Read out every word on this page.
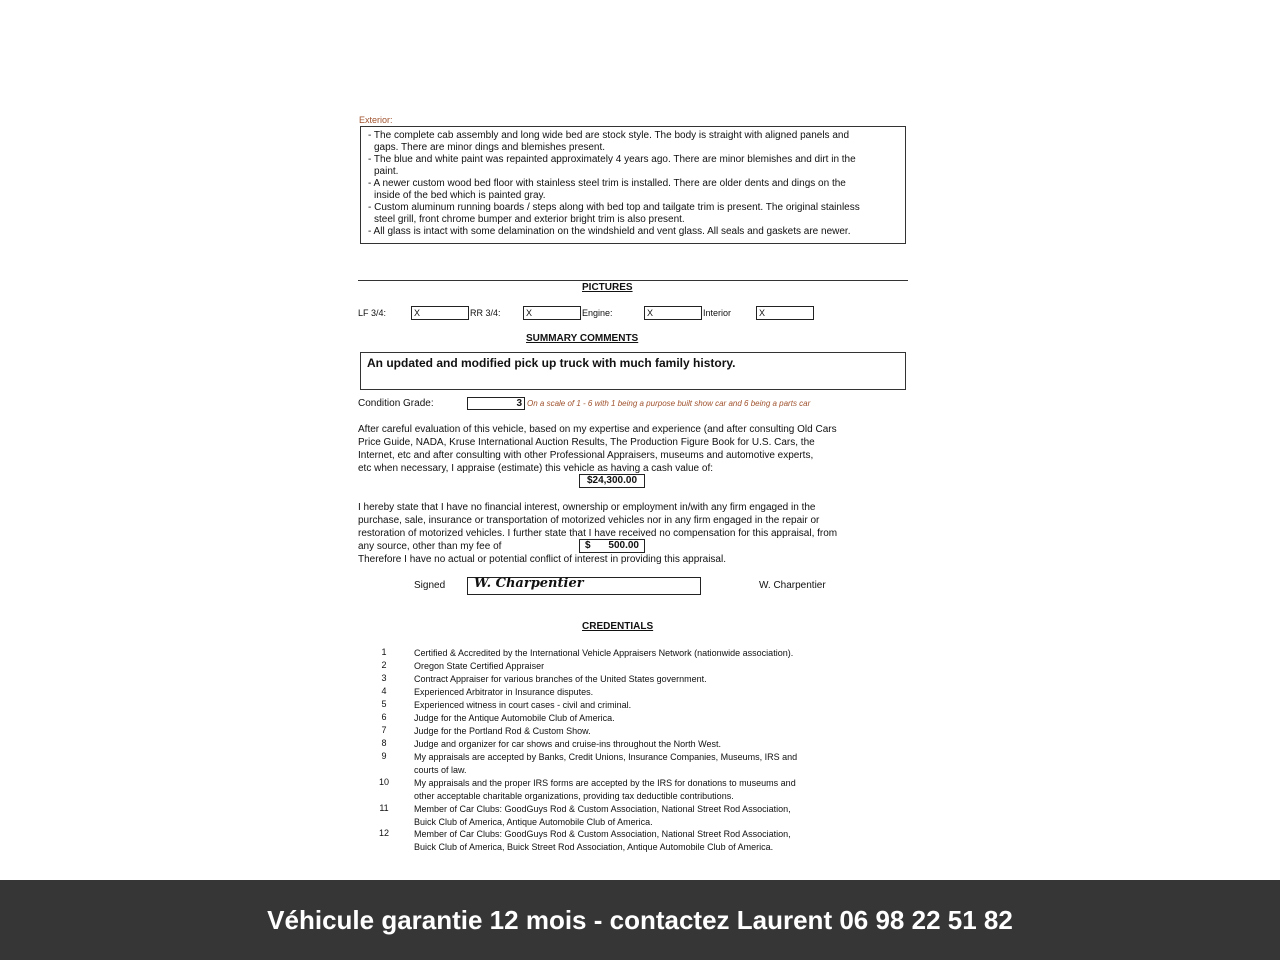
Exterior:
- The complete cab assembly and long wide bed are stock style. The body is straight with aligned panels and
gaps. There are minor dings and blemishes present.
- The blue and white paint was repainted approximately 4 years ago. There are minor blemishes and dirt in the
paint.
- A newer custom wood bed floor with stainless steel trim is installed. There are older dents and dings on the
inside of the bed which is painted gray.
- Custom aluminum running boards / steps along with bed top and tailgate trim is present. The original stainless
steel grill, front chrome bumper and exterior bright trim is also present.
- All glass is intact with some delamination on the windshield and vent glass. All seals and gaskets are newer.
PICTURES
LF 3/4:	X	RR 3/4:	X	Engine:	X	Interior	X
SUMMARY COMMENTS
An updated and modified pick up truck with much family history.
Condition Grade:	3 On a scale of 1 - 6 with 1 being a purpose built show car and 6 being a parts car
After careful evaluation of this vehicle, based on my expertise and experience (and after consulting Old Cars
Price Guide, NADA, Kruse International Auction Results, The Production Figure Book for U.S. Cars, the
Internet, etc and after consulting with other Professional Appraisers, museums and automotive experts,
etc when necessary, I appraise (estimate) this vehicle as having a cash value of:
$24,300.00
I hereby state that I have no financial interest, ownership or employment in/with any firm engaged in the
purchase, sale, insurance or transportation of motorized vehicles nor in any firm engaged in the repair or
restoration of motorized vehicles. I further state that I have received no compensation for this appraisal, from
any source, other than my fee of
Therefore I have no actual or potential conflict of interest in providing this appraisal.
$ 500.00
Signed W. Charpentier	W. Charpentier
CREDENTIALS
1	Certified & Accredited by the International Vehicle Appraisers Network (nationwide association).
2	Oregon State Certified Appraiser
3	Contract Appraiser for various branches of the United States government.
4	Experienced Arbitrator in Insurance disputes.
5	Experienced witness in court cases - civil and criminal.
6	Judge for the Antique Automobile Club of America.
7	Judge for the Portland Rod & Custom Show.
8	Judge and organizer for car shows and cruise-ins throughout the North West.
9	My appraisals are accepted by Banks, Credit Unions, Insurance Companies, Museums, IRS and
courts of law.
10	My appraisals and the proper IRS forms are accepted by the IRS for donations to museums and
other acceptable charitable organizations, providing tax deductible contributions.
11	Member of Car Clubs: GoodGuys Rod & Custom Association, National Street Rod Association,
Buick Club of America, Antique Automobile Club of America.
12	Member of Car Clubs: GoodGuys Rod & Custom Association, National Street Rod Association,
Buick Club of America, Buick Street Rod Association, Antique Automobile Club of America.
Véhicule garantie 12 mois - contactez Laurent 06 98 22 51 82
